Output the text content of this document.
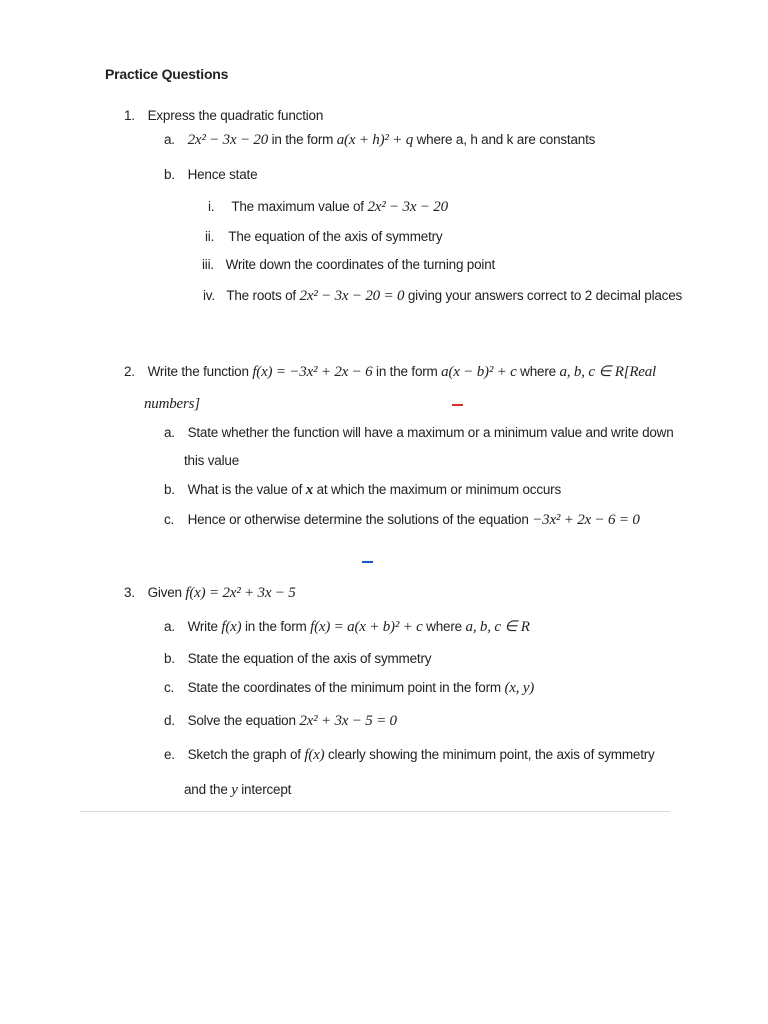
Practice Questions
1. Express the quadratic function
a. 2x² − 3x − 20 in the form a(x + h)² + q where a, h and k are constants
b. Hence state
i. The maximum value of 2x² − 3x − 20
ii. The equation of the axis of symmetry
iii. Write down the coordinates of the turning point
iv. The roots of 2x² − 3x − 20 = 0 giving your answers correct to 2 decimal places
2. Write the function f(x) = −3x² + 2x − 6 in the form a(x − b)² + c where a, b, c ∈ R[Real
numbers]
a. State whether the function will have a maximum or a minimum value and write down
this value
b. What is the value of x at which the maximum or minimum occurs
c. Hence or otherwise determine the solutions of the equation −3x² + 2x − 6 = 0
3. Given f(x) = 2x² + 3x − 5
a. Write f(x) in the form f(x) = a(x + b)² + c where a, b, c ∈ R
b. State the equation of the axis of symmetry
c. State the coordinates of the minimum point in the form (x, y)
d. Solve the equation 2x² + 3x − 5 = 0
e. Sketch the graph of f(x) clearly showing the minimum point, the axis of symmetry
and the y intercept
